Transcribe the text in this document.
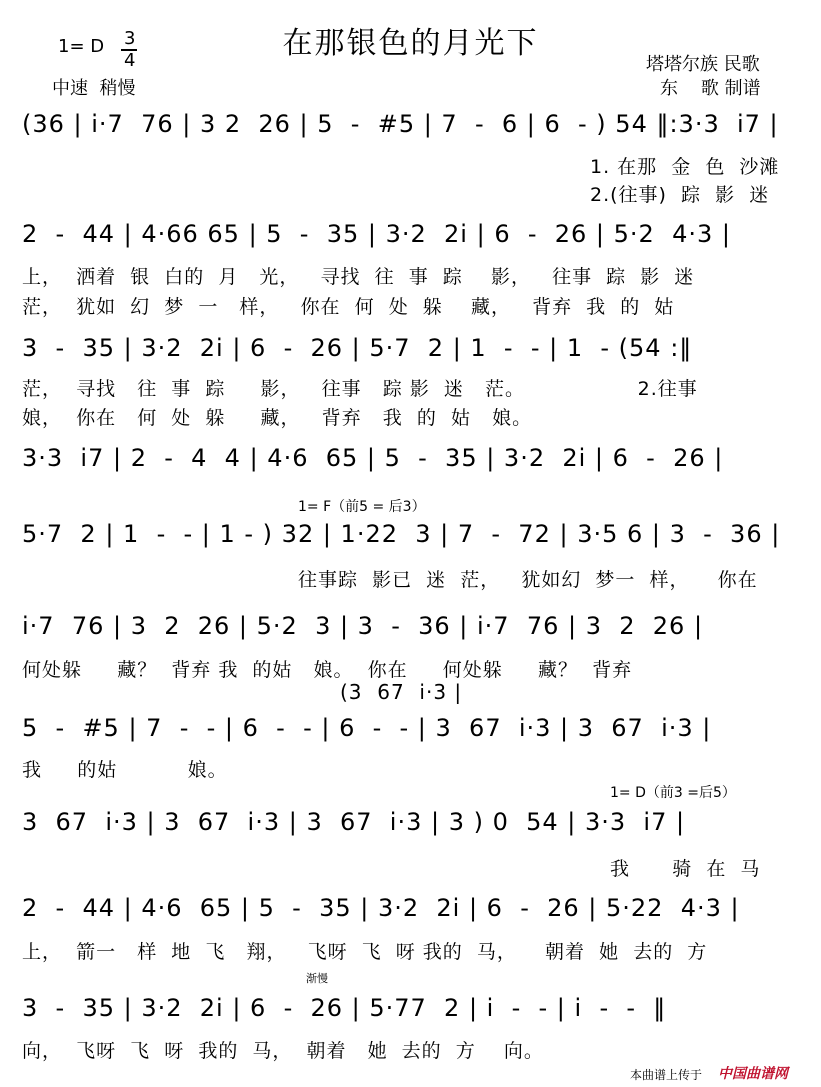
在那银色的月光下
1= D 3
4
中速  稍慢
塔塔尔族 民歌
东    歌 制谱
(36 | i·7  76 | 3 2  26 | 5  -  #5 | 7  -  6 | 6  - ) 54 ‖:3·3  i7 |
1. 在那  金  色  沙滩
2.(往事)  踪  影  迷
2  -  44 | 4·66 65 | 5  -  35 | 3·2  2i | 6  -  26 | 5·2  4·3 |
上，  洒着  银  白的  月   光，   寻找  往  事  踪    影，   往事  踪  影  迷
茫，  犹如  幻  梦  一   样，   你在  何  处  躲    藏，   背弃  我  的  姑
3  -  35 | 3·2  2i | 6  -  26 | 5·7  2 | 1  -  - | 1  - (54 :‖
茫，  寻找   往  事  踪     影，   往事   踪 影  迷   茫。                2.往事
娘，  你在   何  处  躲     藏，   背弃   我  的  姑   娘。
3·3  i7 | 2  -  4  4 | 4·6  65 | 5  -  35 | 3·2  2i | 6  -  26 |
1= F（前5 = 后3）
5·7  2 | 1  -  - | 1 - ) 32 | 1·22  3 | 7  -  72 | 3·5 6 | 3  -  36 |
往事踪  影已  迷  茫，   犹如幻  梦一  样，    你在
i·7  76 | 3  2  26 | 5·2  3 | 3  -  36 | i·7  76 | 3  2  26 |
何处躲     藏？  背弃 我  的姑   娘。  你在     何处躲     藏？  背弃
(3  67  i·3 |
5  -  #5 | 7  -  - | 6  -  - | 6  -  - | 3  67  i·3 | 3  67  i·3 |
我     的姑          娘。
1= D（前3 =后5）
3  67  i·3 | 3  67  i·3 | 3  67  i·3 | 3 ) 0  54 | 3·3  i7 |
我      骑  在  马
2  -  44 | 4·6  65 | 5  -  35 | 3·2  2i | 6  -  26 | 5·22  4·3 |
上，  箭一   样  地  飞   翔，   飞呀  飞  呀 我的  马，    朝着  她  去的  方
渐慢
3  -  35 | 3·2  2i | 6  -  26 | 5·77  2 | i  -  - | i  -  -  ‖
向，  飞呀  飞  呀  我的  马，  朝着   她  去的  方    向。
本曲谱上传于 中国曲谱网
